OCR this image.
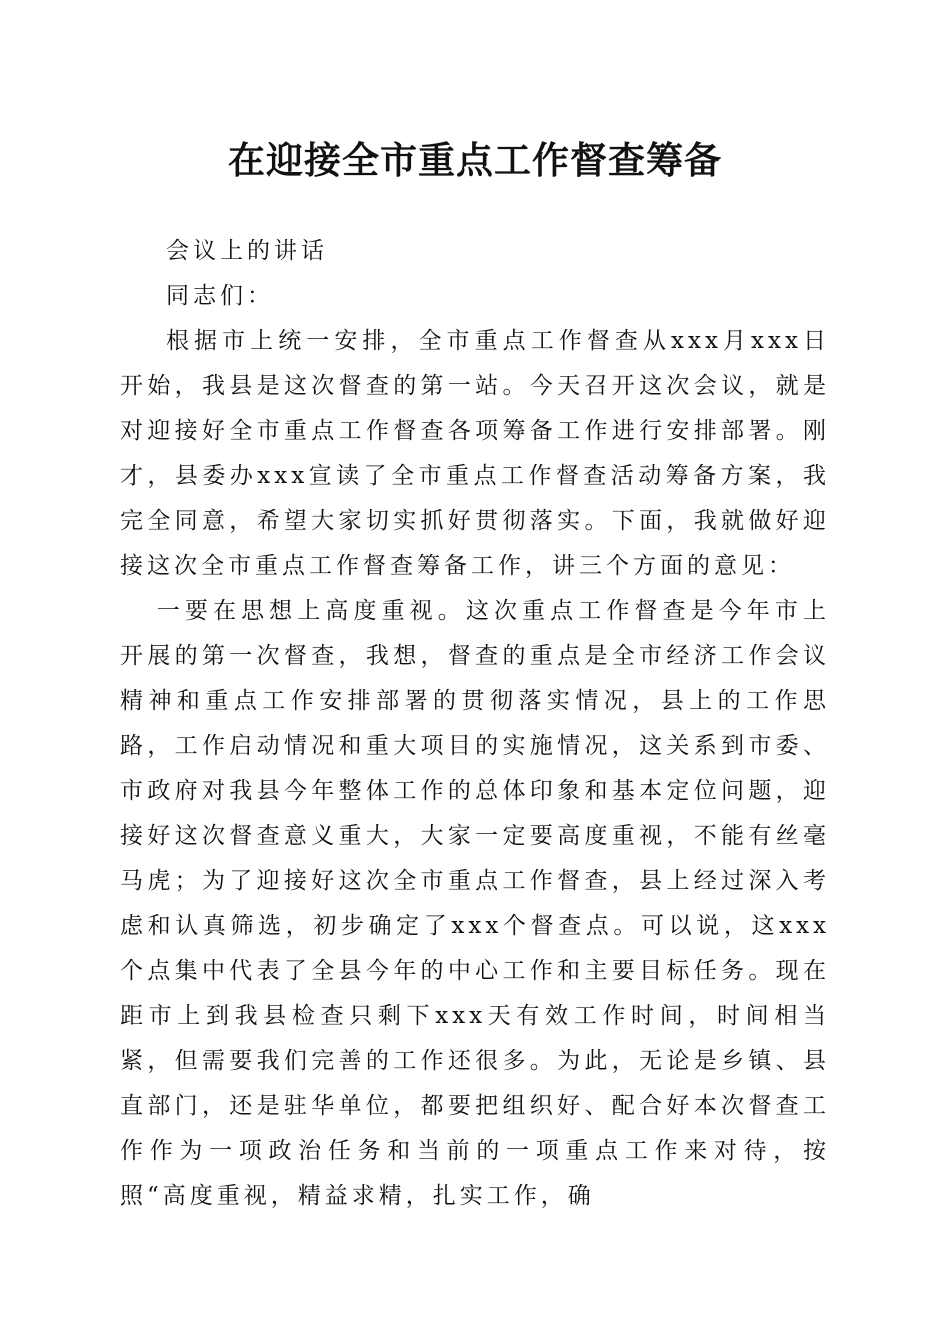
在迎接全市重点工作督查筹备

会议上的讲话

同志们：

根据市上统一安排，全市重点工作督查从xxx月xxx日开始，我县是这次督查的第一站。今天召开这次会议，就是对迎接好全市重点工作督查各项筹备工作进行安排部署。刚才，县委办xxx宣读了全市重点工作督查活动筹备方案，我完全同意，希望大家切实抓好贯彻落实。下面，我就做好迎接这次全市重点工作督查筹备工作，讲三个方面的意见：

一要在思想上高度重视。这次重点工作督查是今年市上开展的第一次督查，我想，督查的重点是全市经济工作会议精神和重点工作安排部署的贯彻落实情况，县上的工作思路，工作启动情况和重大项目的实施情况，这关系到市委、市政府对我县今年整体工作的总体印象和基本定位问题，迎接好这次督查意义重大，大家一定要高度重视，不能有丝毫马虎；为了迎接好这次全市重点工作督查，县上经过深入考虑和认真筛选，初步确定了xxx个督查点。可以说，这xxx个点集中代表了全县今年的中心工作和主要目标任务。现在距市上到我县检查只剩下xxx天有效工作时间，时间相当紧，但需要我们完善的工作还很多。为此，无论是乡镇、县直部门，还是驻华单位，都要把组织好、配合好本次督查工作作为一项政治任务和当前的一项重点工作来对待，按照“高度重视，精益求精，扎实工作，确
